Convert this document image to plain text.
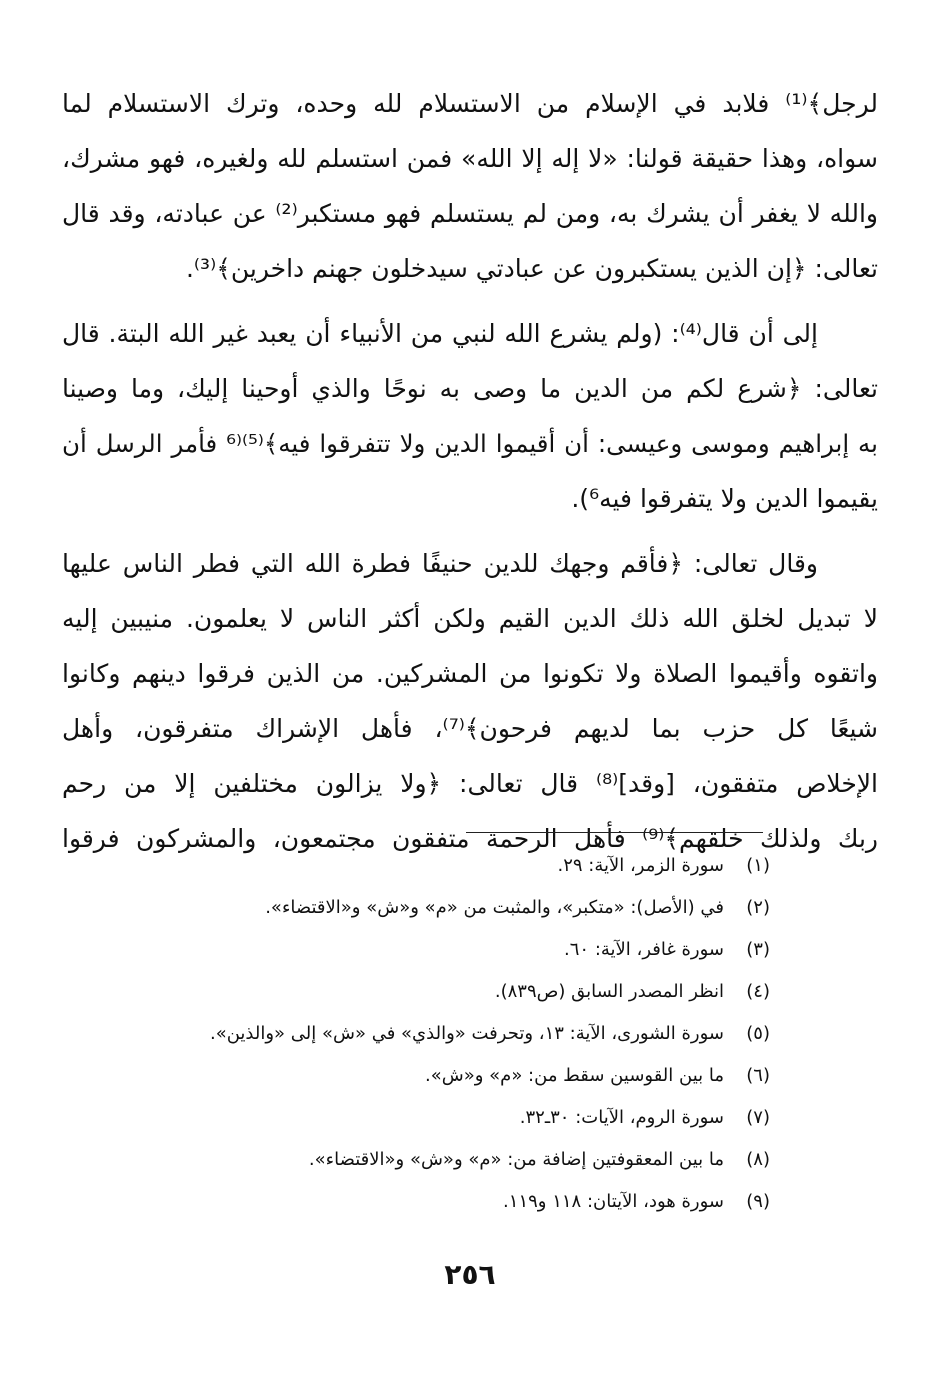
لرجل﴾⁽¹⁾ فلابد في الإسلام من الاستسلام لله وحده، وترك الاستسلام لما
سواه، وهذا حقيقة قولنا: «لا إله إلا الله» فمن استسلم لله ولغيره، فهو مشرك،
والله لا يغفر أن يشرك به، ومن لم يستسلم فهو مستكبر⁽²⁾ عن عبادته، وقد قال
تعالى: ﴿إن الذين يستكبرون عن عبادتي سيدخلون جهنم داخرين﴾⁽³⁾.
إلى أن قال⁽⁴⁾: (ولم يشرع الله لنبي من الأنبياء أن يعبد غير الله البتة. قال
تعالى: ﴿شرع لكم من الدين ما وصى به نوحًا والذي أوحينا إليك، وما وصينا
به إبراهيم وموسى وعيسى: أن أقيموا الدين ولا تتفرقوا فيه﴾⁽⁵⁾⁽⁶ فأمر الرسل أن
يقيموا الدين ولا يتفرقوا فيه⁶).
وقال تعالى: ﴿فأقم وجهك للدين حنيفًا فطرة الله التي فطر الناس عليها
لا تبديل لخلق الله ذلك الدين القيم ولكن أكثر الناس لا يعلمون. منيبين إليه
واتقوه وأقيموا الصلاة ولا تكونوا من المشركين. من الذين فرقوا دينهم وكانوا
شيعًا كل حزب بما لديهم فرحون﴾⁽⁷⁾، فأهل الإشراك متفرقون، وأهل
الإخلاص متفقون، [وقد]⁽⁸⁾ قال تعالى: ﴿ولا يزالون مختلفين إلا من رحم
ربك ولذلك خلقهم﴾⁽⁹⁾ فأهل الرحمة متفقون مجتمعون، والمشركون فرقوا
(١)
سورة الزمر، الآية: ٢٩.
(٢)
في (الأصل): «متكبر»، والمثبت من «م» و«ش» و«الاقتضاء».
(٣)
سورة غافر، الآية: ٦٠.
(٤)
انظر المصدر السابق (ص٨٣٩).
(٥)
سورة الشورى، الآية: ١٣، وتحرفت «والذي» في «ش» إلى «والذين».
(٦)
ما بين القوسين سقط من: «م» و«ش».
(٧)
سورة الروم، الآيات: ٣٠ـ٣٢.
(٨)
ما بين المعقوفتين إضافة من: «م» و«ش» و«الاقتضاء».
(٩)
سورة هود، الآيتان: ١١٨ و١١٩.
٢٥٦
